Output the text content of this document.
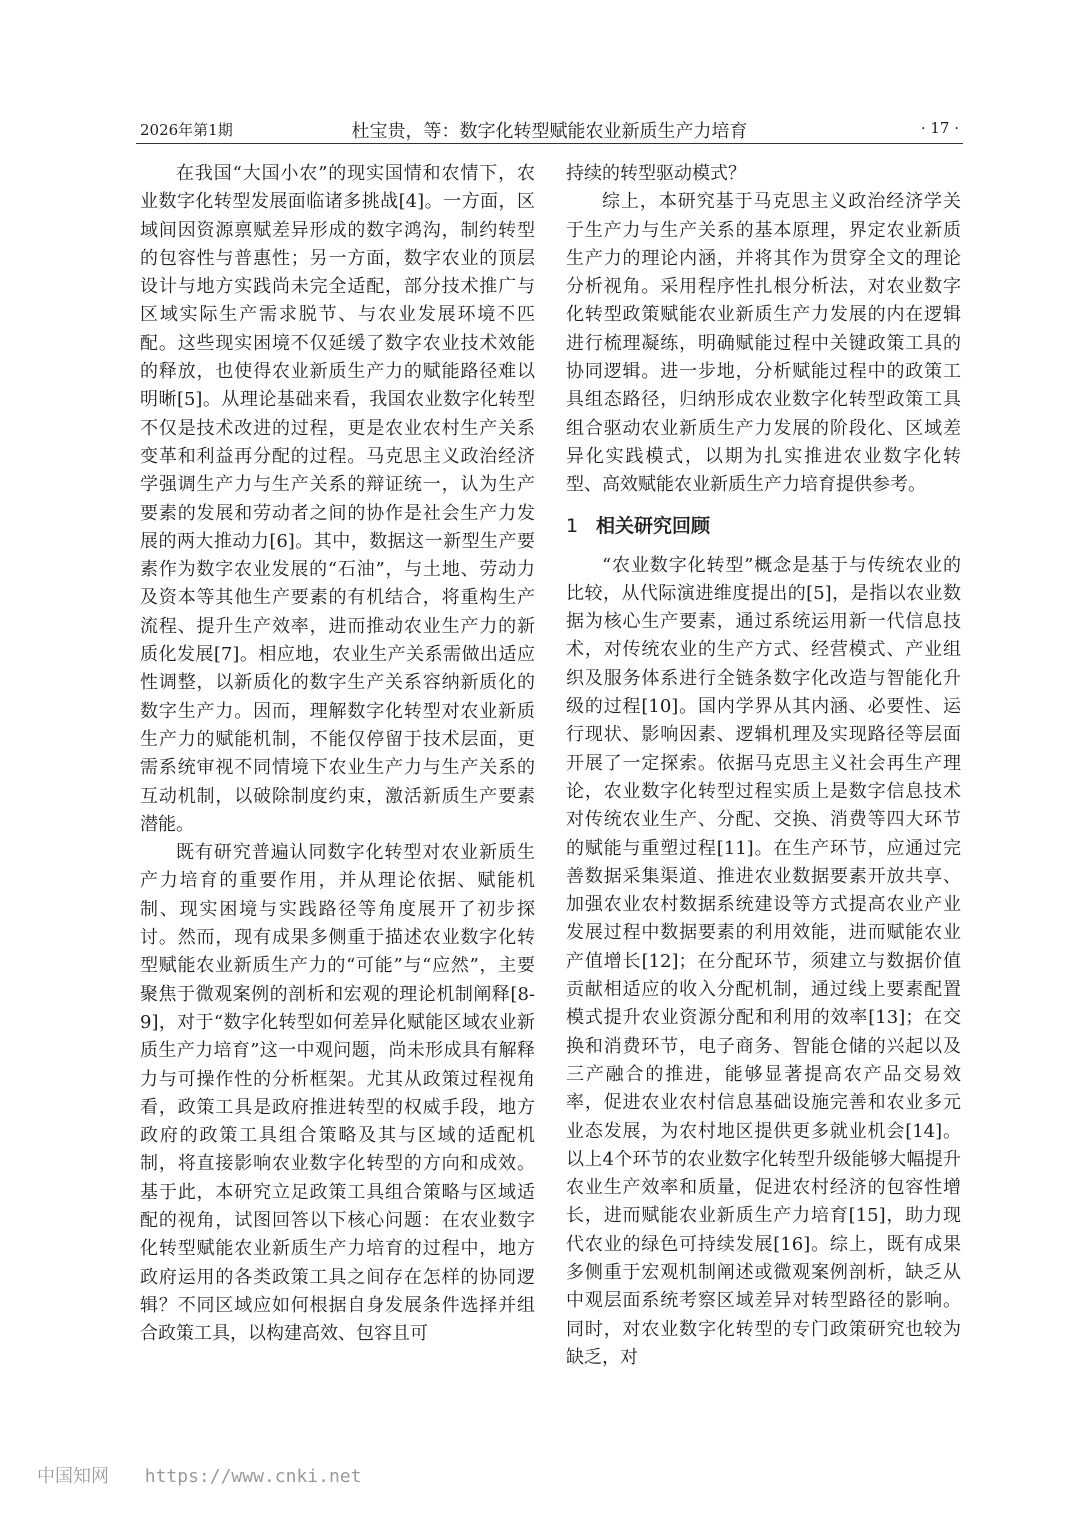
2026年第1期	杜宝贵，等：数字化转型赋能农业新质生产力培育	· 17 ·

在我国“大国小农”的现实国情和农情下，农业数字化转型发展面临诸多挑战[4]。一方面，区域间因资源禀赋差异形成的数字鸿沟，制约转型的包容性与普惠性；另一方面，数字农业的顶层设计与地方实践尚未完全适配，部分技术推广与区域实际生产需求脱节、与农业发展环境不匹配。这些现实困境不仅延缓了数字农业技术效能的释放，也使得农业新质生产力的赋能路径难以明晰[5]。从理论基础来看，我国农业数字化转型不仅是技术改进的过程，更是农业农村生产关系变革和利益再分配的过程。马克思主义政治经济学强调生产力与生产关系的辩证统一，认为生产要素的发展和劳动者之间的协作是社会生产力发展的两大推动力[6]。其中，数据这一新型生产要素作为数字农业发展的“石油”，与土地、劳动力及资本等其他生产要素的有机结合，将重构生产流程、提升生产效率，进而推动农业生产力的新质化发展[7]。相应地，农业生产关系需做出适应性调整，以新质化的数字生产关系容纳新质化的数字生产力。因而，理解数字化转型对农业新质生产力的赋能机制，不能仅停留于技术层面，更需系统审视不同情境下农业生产力与生产关系的互动机制，以破除制度约束，激活新质生产要素潜能。

既有研究普遍认同数字化转型对农业新质生产力培育的重要作用，并从理论依据、赋能机制、现实困境与实践路径等角度展开了初步探讨。然而，现有成果多侧重于描述农业数字化转型赋能农业新质生产力的“可能”与“应然”，主要聚焦于微观案例的剖析和宏观的理论机制阐释[8-9]，对于“数字化转型如何差异化赋能区域农业新质生产力培育”这一中观问题，尚未形成具有解释力与可操作性的分析框架。尤其从政策过程视角看，政策工具是政府推进转型的权威手段，地方政府的政策工具组合策略及其与区域的适配机制，将直接影响农业数字化转型的方向和成效。基于此，本研究立足政策工具组合策略与区域适配的视角，试图回答以下核心问题：在农业数字化转型赋能农业新质生产力培育的过程中，地方政府运用的各类政策工具之间存在怎样的协同逻辑？不同区域应如何根据自身发展条件选择并组合政策工具，以构建高效、包容且可

持续的转型驱动模式？

综上，本研究基于马克思主义政治经济学关于生产力与生产关系的基本原理，界定农业新质生产力的理论内涵，并将其作为贯穿全文的理论分析视角。采用程序性扎根分析法，对农业数字化转型政策赋能农业新质生产力发展的内在逻辑进行梳理凝练，明确赋能过程中关键政策工具的协同逻辑。进一步地，分析赋能过程中的政策工具组态路径，归纳形成农业数字化转型政策工具组合驱动农业新质生产力发展的阶段化、区域差异化实践模式，以期为扎实推进农业数字化转型、高效赋能农业新质生产力培育提供参考。

1 相关研究回顾

“农业数字化转型”概念是基于与传统农业的比较，从代际演进维度提出的[5]，是指以农业数据为核心生产要素，通过系统运用新一代信息技术，对传统农业的生产方式、经营模式、产业组织及服务体系进行全链条数字化改造与智能化升级的过程[10]。国内学界从其内涵、必要性、运行现状、影响因素、逻辑机理及实现路径等层面开展了一定探索。依据马克思主义社会再生产理论，农业数字化转型过程实质上是数字信息技术对传统农业生产、分配、交换、消费等四大环节的赋能与重塑过程[11]。在生产环节，应通过完善数据采集渠道、推进农业数据要素开放共享、加强农业农村数据系统建设等方式提高农业产业发展过程中数据要素的利用效能，进而赋能农业产值增长[12]；在分配环节，须建立与数据价值贡献相适应的收入分配机制，通过线上要素配置模式提升农业资源分配和利用的效率[13]；在交换和消费环节，电子商务、智能仓储的兴起以及三产融合的推进，能够显著提高农产品交易效率，促进农业农村信息基础设施完善和农业多元业态发展，为农村地区提供更多就业机会[14]。以上4个环节的农业数字化转型升级能够大幅提升农业生产效率和质量，促进农村经济的包容性增长，进而赋能农业新质生产力培育[15]，助力现代农业的绿色可持续发展[16]。综上，既有成果多侧重于宏观机制阐述或微观案例剖析，缺乏从中观层面系统考察区域差异对转型路径的影响。同时，对农业数字化转型的专门政策研究也较为缺乏，对

中国知网 https://www.cnki.net
